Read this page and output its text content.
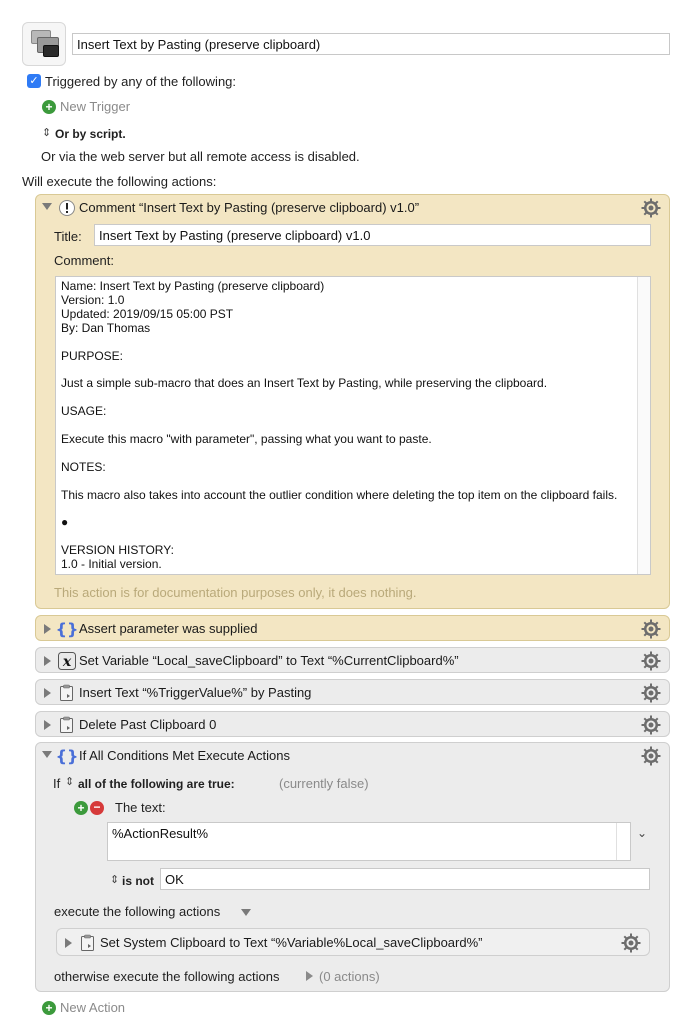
Insert Text by Pasting (preserve clipboard)
✓ Triggered by any of the following:
+ New Trigger
⇕ Or by script.
Or via the web server but all remote access is disabled.
Will execute the following actions:
Comment “Insert Text by Pasting (preserve clipboard) v1.0”
Title:	Insert Text by Pasting (preserve clipboard) v1.0
Comment:
Name: Insert Text by Pasting (preserve clipboard)
Version: 1.0
Updated: 2019/09/15 05:00 PST
By: Dan Thomas
PURPOSE:
Just a simple sub-macro that does an Insert Text by Pasting, while preserving the clipboard.
USAGE:
Execute this macro "with parameter", passing what you want to paste.
NOTES:
This macro also takes into account the outlier condition where deleting the top item on the clipboard fails.
●
VERSION HISTORY:
1.0 - Initial version.
This action is for documentation purposes only, it does nothing.
{} Assert parameter was supplied
x Set Variable “Local_saveClipboard” to Text “%CurrentClipboard%”
Insert Text “%TriggerValue%” by Pasting
Delete Past Clipboard 0
{} If All Conditions Met Execute Actions
If ⇕ all of the following are true:	(currently false)
+ − The text:
%ActionResult%	⌄
⇕ is not OK
execute the following actions
Set System Clipboard to Text “%Variable%Local_saveClipboard%”
otherwise execute the following actions	(0 actions)
+ New Action
